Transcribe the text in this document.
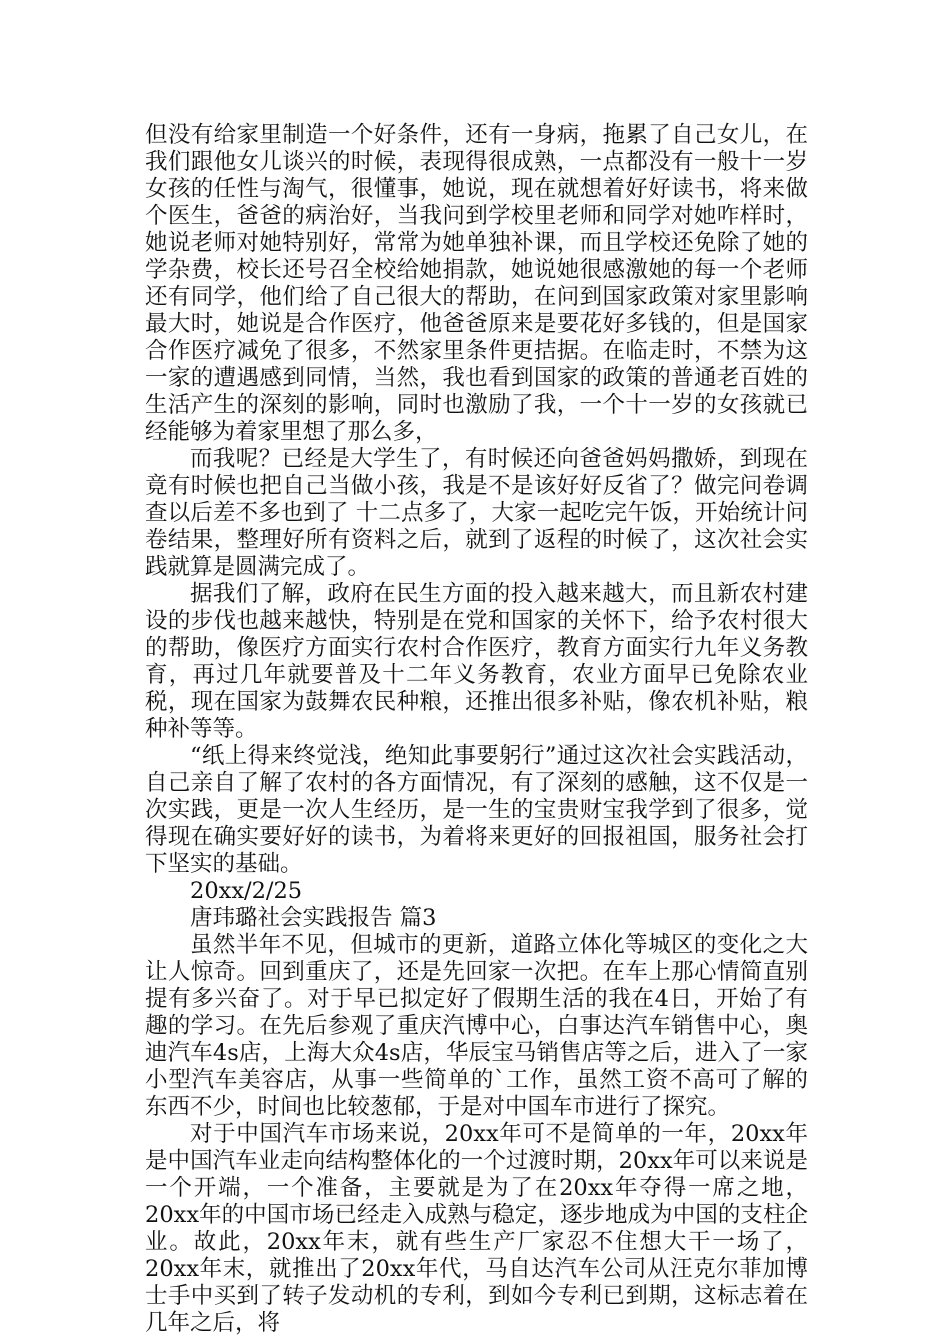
但没有给家里制造一个好条件，还有一身病，拖累了自己女儿，在我们跟他女儿谈兴的时候，表现得很成熟，一点都没有一般十一岁女孩的任性与淘气，很懂事，她说，现在就想着好好读书，将来做个医生，爸爸的病治好，当我问到学校里老师和同学对她咋样时，她说老师对她特别好，常常为她单独补课，而且学校还免除了她的学杂费，校长还号召全校给她捐款，她说她很感激她的每一个老师还有同学，他们给了自己很大的帮助，在问到国家政策对家里影响最大时，她说是合作医疗，他爸爸原来是要花好多钱的，但是国家合作医疗减免了很多，不然家里条件更拮据。在临走时，不禁为这一家的遭遇感到同情，当然，我也看到国家的政策的普通老百姓的生活产生的深刻的影响，同时也激励了我，一个十一岁的女孩就已经能够为着家里想了那么多，

而我呢？已经是大学生了，有时候还向爸爸妈妈撒娇，到现在竟有时候也把自己当做小孩，我是不是该好好反省了？做完问卷调查以后差不多也到了 十二点多了，大家一起吃完午饭，开始统计问卷结果，整理好所有资料之后，就到了返程的时候了，这次社会实践就算是圆满完成了。

据我们了解，政府在民生方面的投入越来越大，而且新农村建设的步伐也越来越快，特别是在党和国家的关怀下，给予农村很大的帮助，像医疗方面实行农村合作医疗，教育方面实行九年义务教育，再过几年就要普及十二年义务教育，农业方面早已免除农业税，现在国家为鼓舞农民种粮，还推出很多补贴，像农机补贴，粮种补等等。

“纸上得来终觉浅，绝知此事要躬行”通过这次社会实践活动，自己亲自了解了农村的各方面情况，有了深刻的感触，这不仅是一次实践，更是一次人生经历，是一生的宝贵财宝我学到了很多，觉得现在确实要好好的读书，为着将来更好的回报祖国，服务社会打下坚实的基础。

20xx/2/25

唐玮璐社会实践报告 篇3

虽然半年不见，但城市的更新，道路立体化等城区的变化之大让人惊奇。回到重庆了，还是先回家一次把。在车上那心情简直别提有多兴奋了。对于早已拟定好了假期生活的我在4日，开始了有趣的学习。在先后参观了重庆汽博中心，白事达汽车销售中心，奥迪汽车4s店，上海大众4s店，华辰宝马销售店等之后，进入了一家小型汽车美容店，从事一些简单的`工作，虽然工资不高可了解的东西不少，时间也比较葱郁，于是对中国车市进行了探究。

对于中国汽车市场来说，20xx年可不是简单的一年，20xx年是中国汽车业走向结构整体化的一个过渡时期，20xx年可以来说是一个开端，一个准备，主要就是为了在20xx年夺得一席之地，20xx年的中国市场已经走入成熟与稳定，逐步地成为中国的支柱企业。故此，20xx年末，就有些生产厂家忍不住想大干一场了，20xx年末，就推出了20xx年代，马自达汽车公司从汪克尔菲加博士手中买到了转子发动机的专利，到如今专利已到期，这标志着在几年之后，将
